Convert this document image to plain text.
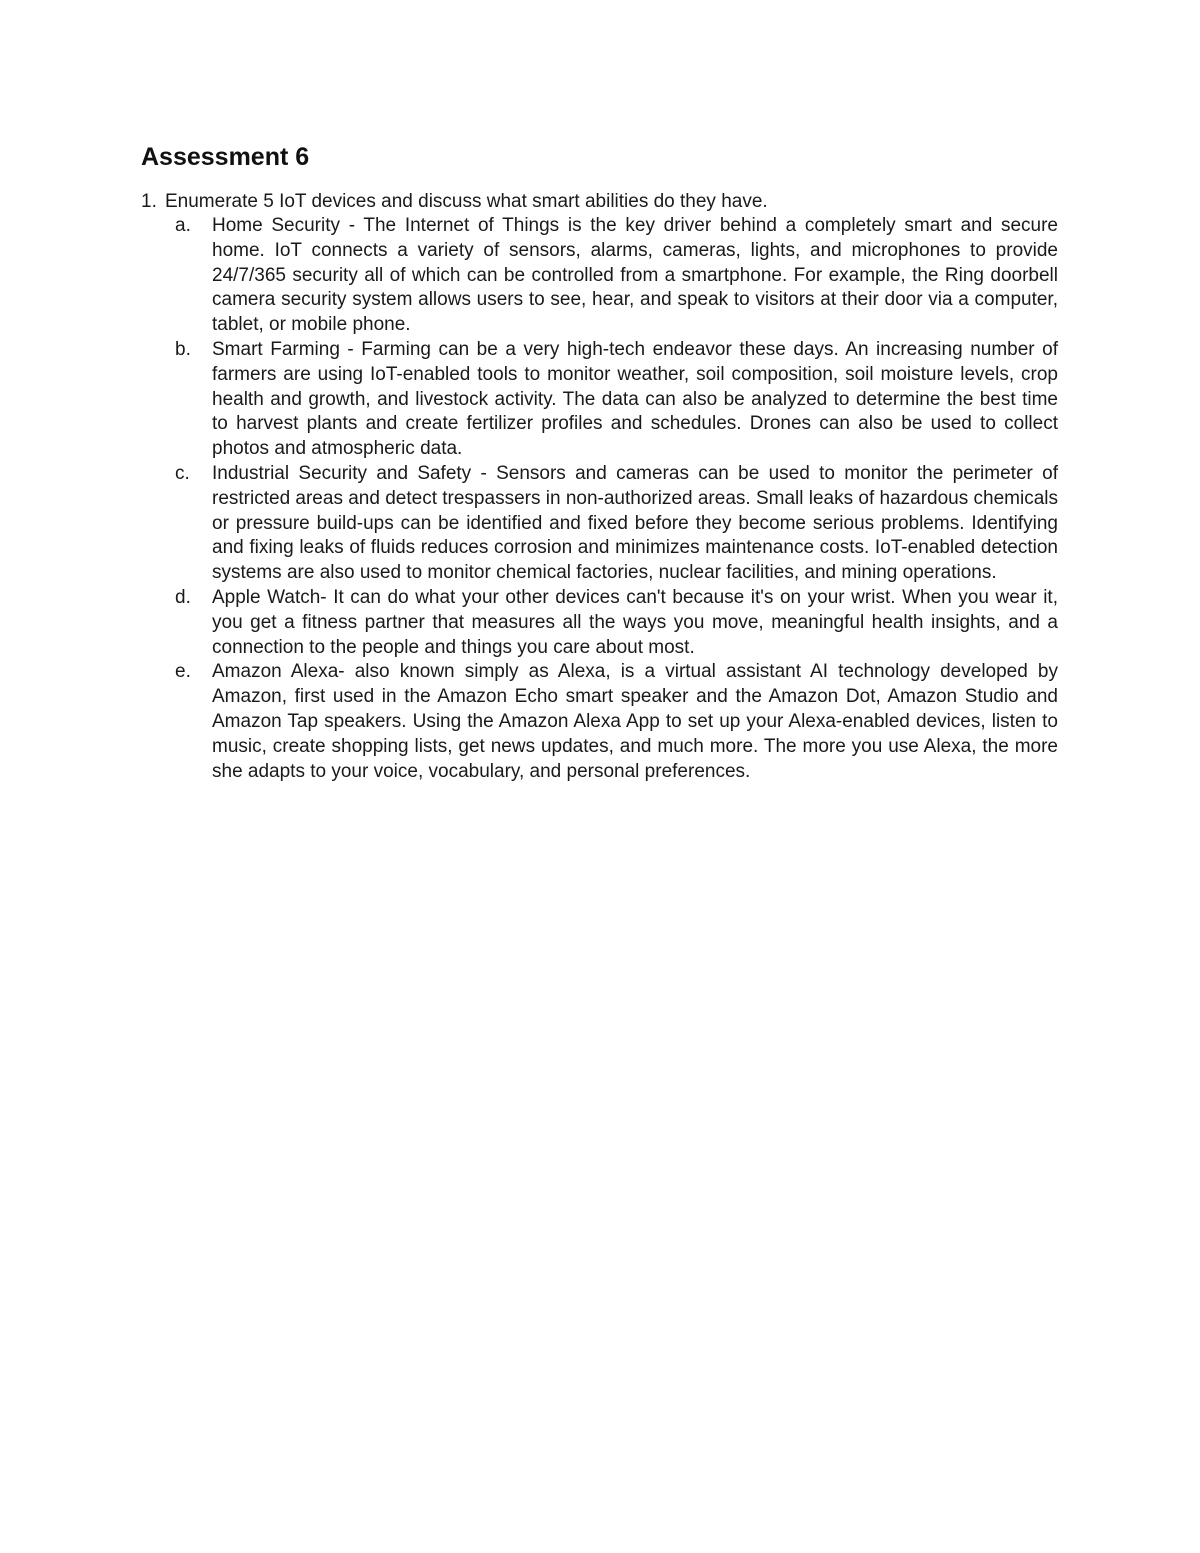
Assessment 6

1. Enumerate 5 IoT devices and discuss what smart abilities do they have.

a.	Home Security - The Internet of Things is the key driver behind a completely smart and secure home. IoT connects a variety of sensors, alarms, cameras, lights, and microphones to provide 24/7/365 security all of which can be controlled from a smartphone. For example, the Ring doorbell camera security system allows users to see, hear, and speak to visitors at their door via a computer, tablet, or mobile phone.
b.	Smart Farming - Farming can be a very high-tech endeavor these days. An increasing number of farmers are using IoT-enabled tools to monitor weather, soil composition, soil moisture levels, crop health and growth, and livestock activity. The data can also be analyzed to determine the best time to harvest plants and create fertilizer profiles and schedules. Drones can also be used to collect photos and atmospheric data.
c.	Industrial Security and Safety - Sensors and cameras can be used to monitor the perimeter of restricted areas and detect trespassers in non-authorized areas. Small leaks of hazardous chemicals or pressure build-ups can be identified and fixed before they become serious problems. Identifying and fixing leaks of fluids reduces corrosion and minimizes maintenance costs. IoT-enabled detection systems are also used to monitor chemical factories, nuclear facilities, and mining operations.
d.	Apple Watch- It can do what your other devices can't because it's on your wrist. When you wear it, you get a fitness partner that measures all the ways you move, meaningful health insights, and a connection to the people and things you care about most.
e.	Amazon Alexa- also known simply as Alexa, is a virtual assistant AI technology developed by Amazon, first used in the Amazon Echo smart speaker and the Amazon Dot, Amazon Studio and Amazon Tap speakers. Using the Amazon Alexa App to set up your Alexa-enabled devices, listen to music, create shopping lists, get news updates, and much more. The more you use Alexa, the more she adapts to your voice, vocabulary, and personal preferences.
